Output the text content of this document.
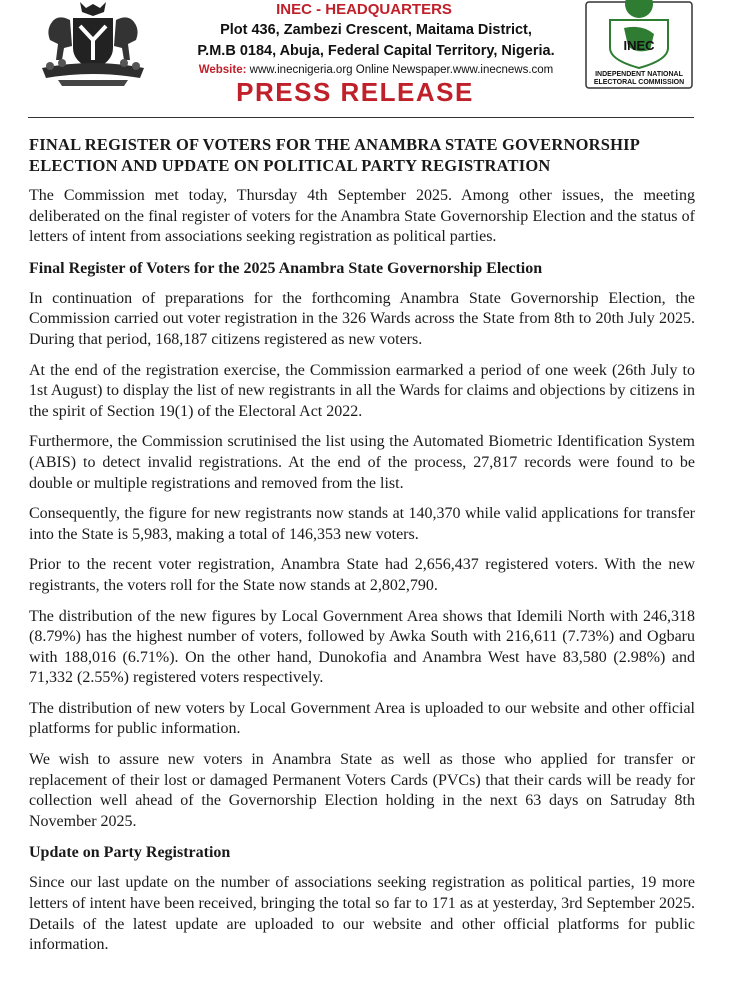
INEC - HEADQUARTERS
Plot 436, Zambezi Crescent, Maitama District,
P.M.B 0184, Abuja, Federal Capital Territory, Nigeria.
Website: www.inecnigeria.org Online Newspaper.www.inecnews.com
PRESS RELEASE
INEC
INDEPENDENT NATIONAL
ELECTORAL COMMISSION
FINAL REGISTER OF VOTERS FOR THE ANAMBRA STATE GOVERNORSHIP ELECTION AND UPDATE ON POLITICAL PARTY REGISTRATION

The Commission met today, Thursday 4th September 2025. Among other issues, the meeting deliberated on the final register of voters for the Anambra State Governorship Election and the status of letters of intent from associations seeking registration as political parties.

Final Register of Voters for the 2025 Anambra State Governorship Election

In continuation of preparations for the forthcoming Anambra State Governorship Election, the Commission carried out voter registration in the 326 Wards across the State from 8th to 20th July 2025. During that period, 168,187 citizens registered as new voters.

At the end of the registration exercise, the Commission earmarked a period of one week (26th July to 1st August) to display the list of new registrants in all the Wards for claims and objections by citizens in the spirit of Section 19(1) of the Electoral Act 2022.

Furthermore, the Commission scrutinised the list using the Automated Biometric Identification System (ABIS) to detect invalid registrations. At the end of the process, 27,817 records were found to be double or multiple registrations and removed from the list.

Consequently, the figure for new registrants now stands at 140,370 while valid applications for transfer into the State is 5,983, making a total of 146,353 new voters.

Prior to the recent voter registration, Anambra State had 2,656,437 registered voters. With the new registrants, the voters roll for the State now stands at 2,802,790.

The distribution of the new figures by Local Government Area shows that Idemili North with 246,318 (8.79%) has the highest number of voters, followed by Awka South with 216,611 (7.73%) and Ogbaru with 188,016 (6.71%). On the other hand, Dunokofia and Anambra West have 83,580 (2.98%) and 71,332 (2.55%) registered voters respectively.

The distribution of new voters by Local Government Area is uploaded to our website and other official platforms for public information.

We wish to assure new voters in Anambra State as well as those who applied for transfer or replacement of their lost or damaged Permanent Voters Cards (PVCs) that their cards will be ready for collection well ahead of the Governorship Election holding in the next 63 days on Satruday 8th November 2025.

Update on Party Registration

Since our last update on the number of associations seeking registration as political parties, 19 more letters of intent have been received, bringing the total so far to 171 as at yesterday, 3rd September 2025. Details of the latest update are uploaded to our website and other official platforms for public information.
